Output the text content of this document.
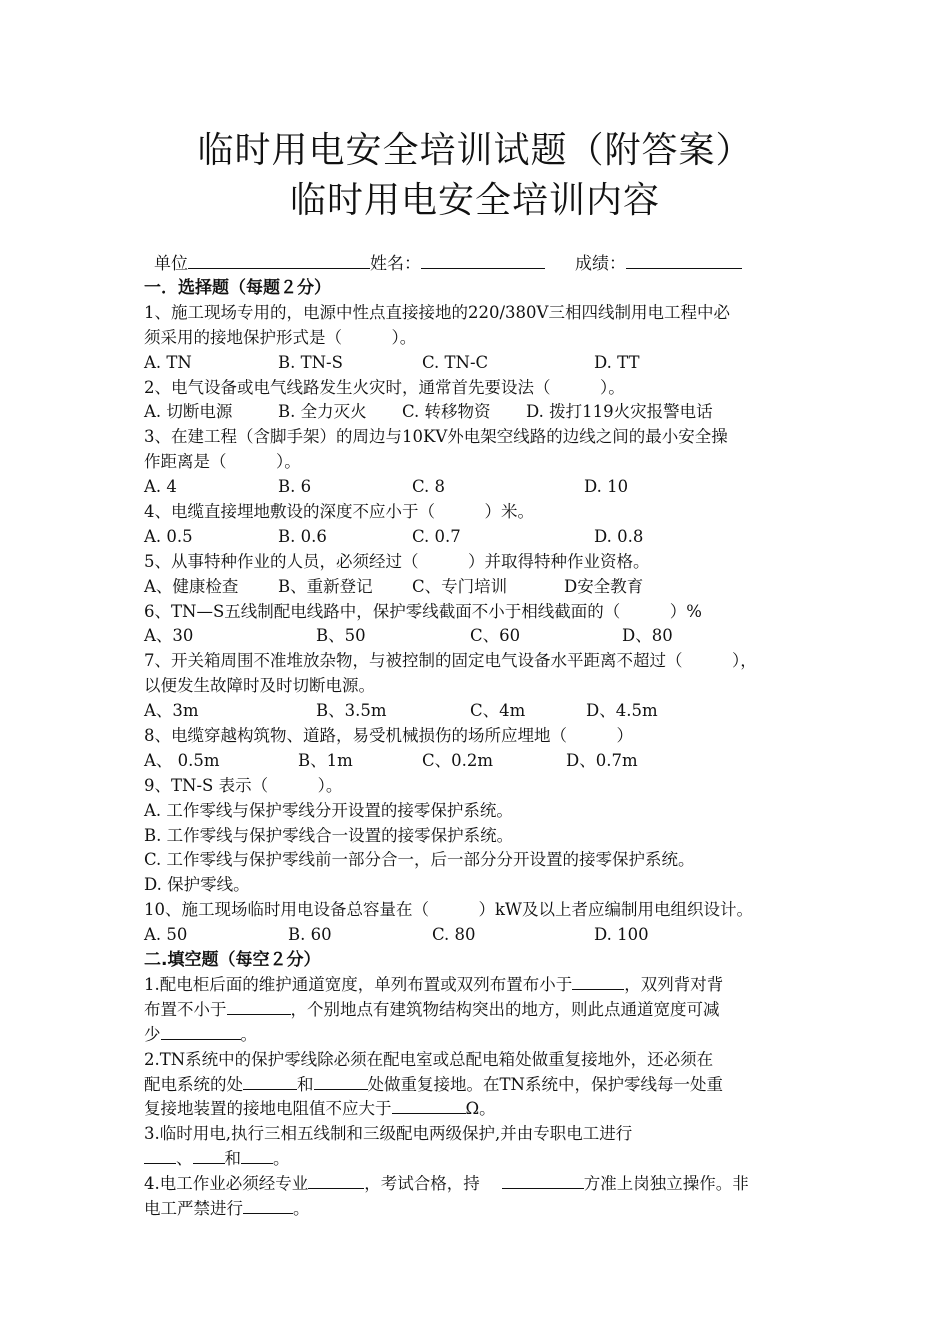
临时用电安全培训试题（附答案）
临时用电安全培训内容
单位	姓名：	成绩：
一．选择题（每题２分）
1、施工现场专用的，电源中性点直接接地的220/380V三相四线制用电工程中必
须采用的接地保护形式是（　　　）。
A. TN	B. TN-S	C. TN-C	D. TT
2、电气设备或电气线路发生火灾时，通常首先要设法（　　　）。
A. 切断电源	B. 全力灭火	C. 转移物资	D. 拨打119火灾报警电话
3、在建工程（含脚手架）的周边与10KV外电架空线路的边线之间的最小安全操
作距离是（　　　）。
A. 4	B. 6	C. 8	D. 10
4、电缆直接埋地敷设的深度不应小于（　　　）米。
A. 0.5	B. 0.6	C. 0.7	D. 0.8
5、从事特种作业的人员，必须经过（　　　）并取得特种作业资格。
A、健康检查	B、重新登记	C、专门培训	D安全教育
6、TN—S五线制配电线路中，保护零线截面不小于相线截面的（　　　）%
A、30	B、50	C、60	D、80
7、开关箱周围不准堆放杂物，与被控制的固定电气设备水平距离不超过（　　　），
以便发生故障时及时切断电源。
A、3m	B、3.5m	C、4m	D、4.5m
8、电缆穿越构筑物、道路，易受机械损伤的场所应埋地（　　　）
A、 0.5m	B、1m	C、0.2m	D、0.7m
9、TN-S 表示（　　　）。
A. 工作零线与保护零线分开设置的接零保护系统。
B. 工作零线与保护零线合一设置的接零保护系统。
C. 工作零线与保护零线前一部分合一，后一部分分开设置的接零保护系统。
D. 保护零线。
10、施工现场临时用电设备总容量在（　　　）kW及以上者应编制用电组织设计。
A. 50	B. 60	C. 80	D. 100
二.填空题（每空２分）
1.配电柜后面的维护通道宽度，单列布置或双列布置布小于	，双列背对背
布置不小于	，个别地点有建筑物结构突出的地方，则此点通道宽度可减
少	。
2.TN系统中的保护零线除必须在配电室或总配电箱处做重复接地外，还必须在
配电系统的处	和	处做重复接地。在TN系统中，保护零线每一处重
复接地装置的接地电阻值不应大于	Ω。
3.临时用电,执行三相五线制和三级配电两级保护,并由专职电工进行
、 和 。
4.电工作业必须经专业	，考试合格，持	方准上岗独立操作。非
电工严禁进行	。
